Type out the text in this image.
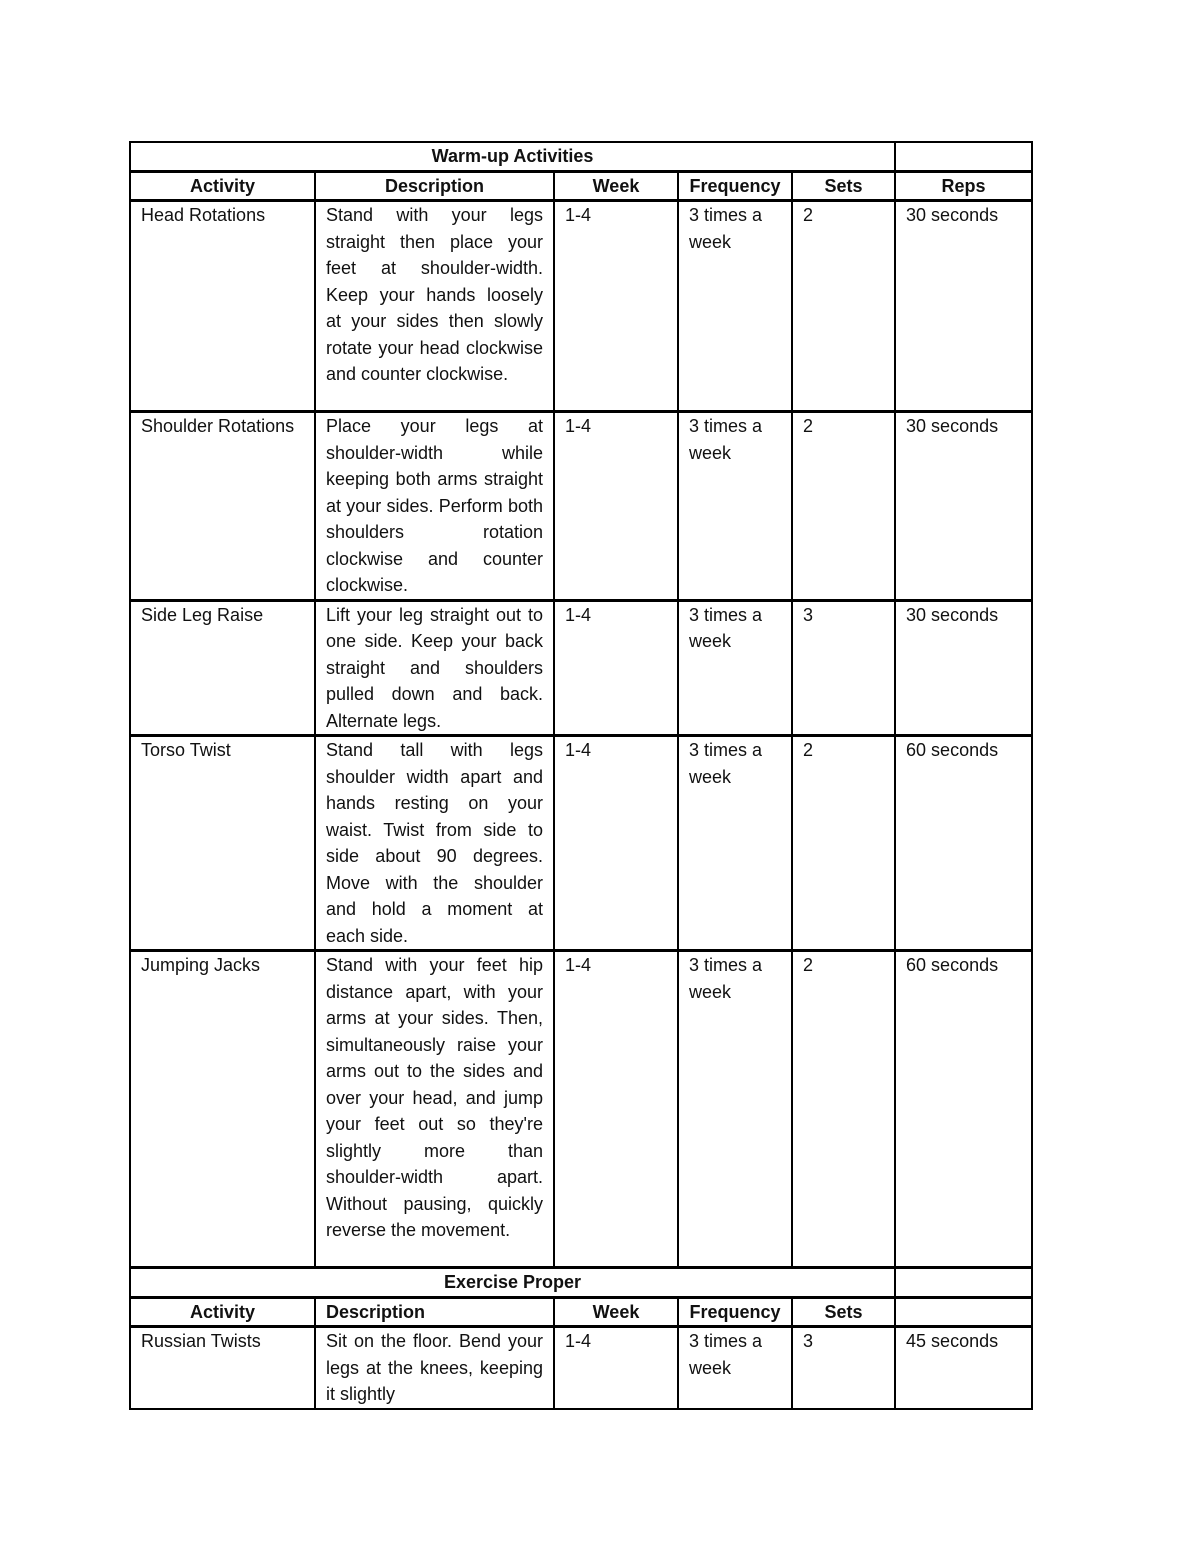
Warm-up Activities					
Activity	Description	Week	Frequency	Sets	Reps
Head Rotations	Stand with your legs straight then place your feet at shoulder-width. Keep your hands loosely at your sides then slowly rotate your head clockwise and counter clockwise.	1-4	3 times a week	2	30 seconds
Shoulder Rotations	Place your legs at shoulder-width while keeping both arms straight at your sides. Perform both shoulders rotation clockwise and counter clockwise.	1-4	3 times a week	2	30 seconds
Side Leg Raise	Lift your leg straight out to one side. Keep your back straight and shoulders pulled down and back. Alternate legs.	1-4	3 times a week	3	30 seconds
Torso Twist	Stand tall with legs shoulder width apart and hands resting on your waist. Twist from side to side about 90 degrees. Move with the shoulder and hold a moment at each side.	1-4	3 times a week	2	60 seconds
Jumping Jacks	Stand with your feet hip distance apart, with your arms at your sides. Then, simultaneously raise your arms out to the sides and over your head, and jump your feet out so they're slightly more than shoulder-width apart. Without pausing, quickly reverse the movement.	1-4	3 times a week	2	60 seconds
Exercise Proper					
Activity	Description	Week	Frequency	Sets	
Russian Twists	Sit on the floor. Bend your legs at the knees, keeping it slightly	1-4	3 times a week	3	45 seconds
